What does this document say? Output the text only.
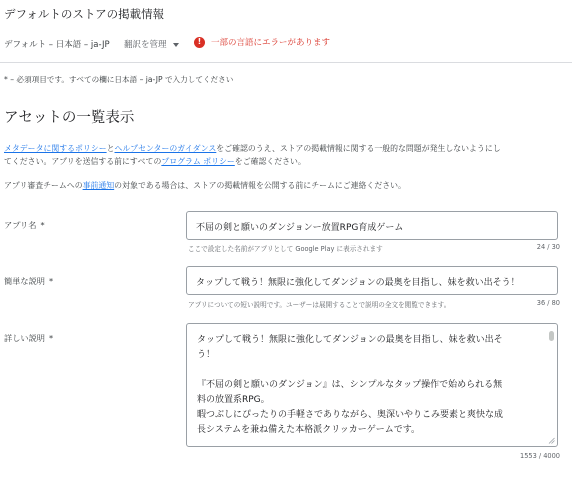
デフォルトのストアの掲載情報
デフォルト – 日本語 – ja-JP 翻訳を管理	!	一部の言語にエラーがあります
* – 必須項目です。すべての欄に日本語 – ja-JP で入力してください
アセットの一覧表示
メタデータに関するポリシーとヘルプセンターのガイダンスをご確認のうえ、ストアの掲載情報に関する一般的な問題が発生しないようにし
てください。アプリを送信する前にすべてのプログラム ポリシーをご確認ください。
アプリ審査チームへの事前通知の対象である場合は、ストアの掲載情報を公開する前にチームにご連絡ください。
アプリ名 *	不屈の剣と願いのダンジョンー放置RPG育成ゲーム
ここで設定した名前がアプリとして Google Play に表示されます	24 / 30
簡単な説明 *	タップして戦う！無限に強化してダンジョンの最奥を目指し、妹を救い出そう！
アプリについての短い説明です。ユーザーは展開することで説明の全文を閲覧できます。	36 / 80
詳しい説明 *	タップして戦う！無限に強化してダンジョンの最奥を目指し、妹を救い出そ
う！

『不屈の剣と願いのダンジョン』は、シンプルなタップ操作で始められる無
料の放置系RPG。
暇つぶしにぴったりの手軽さでありながら、奥深いやりこみ要素と爽快な成
長システムを兼ね備えた本格派クリッカーゲームです。
1553 / 4000
